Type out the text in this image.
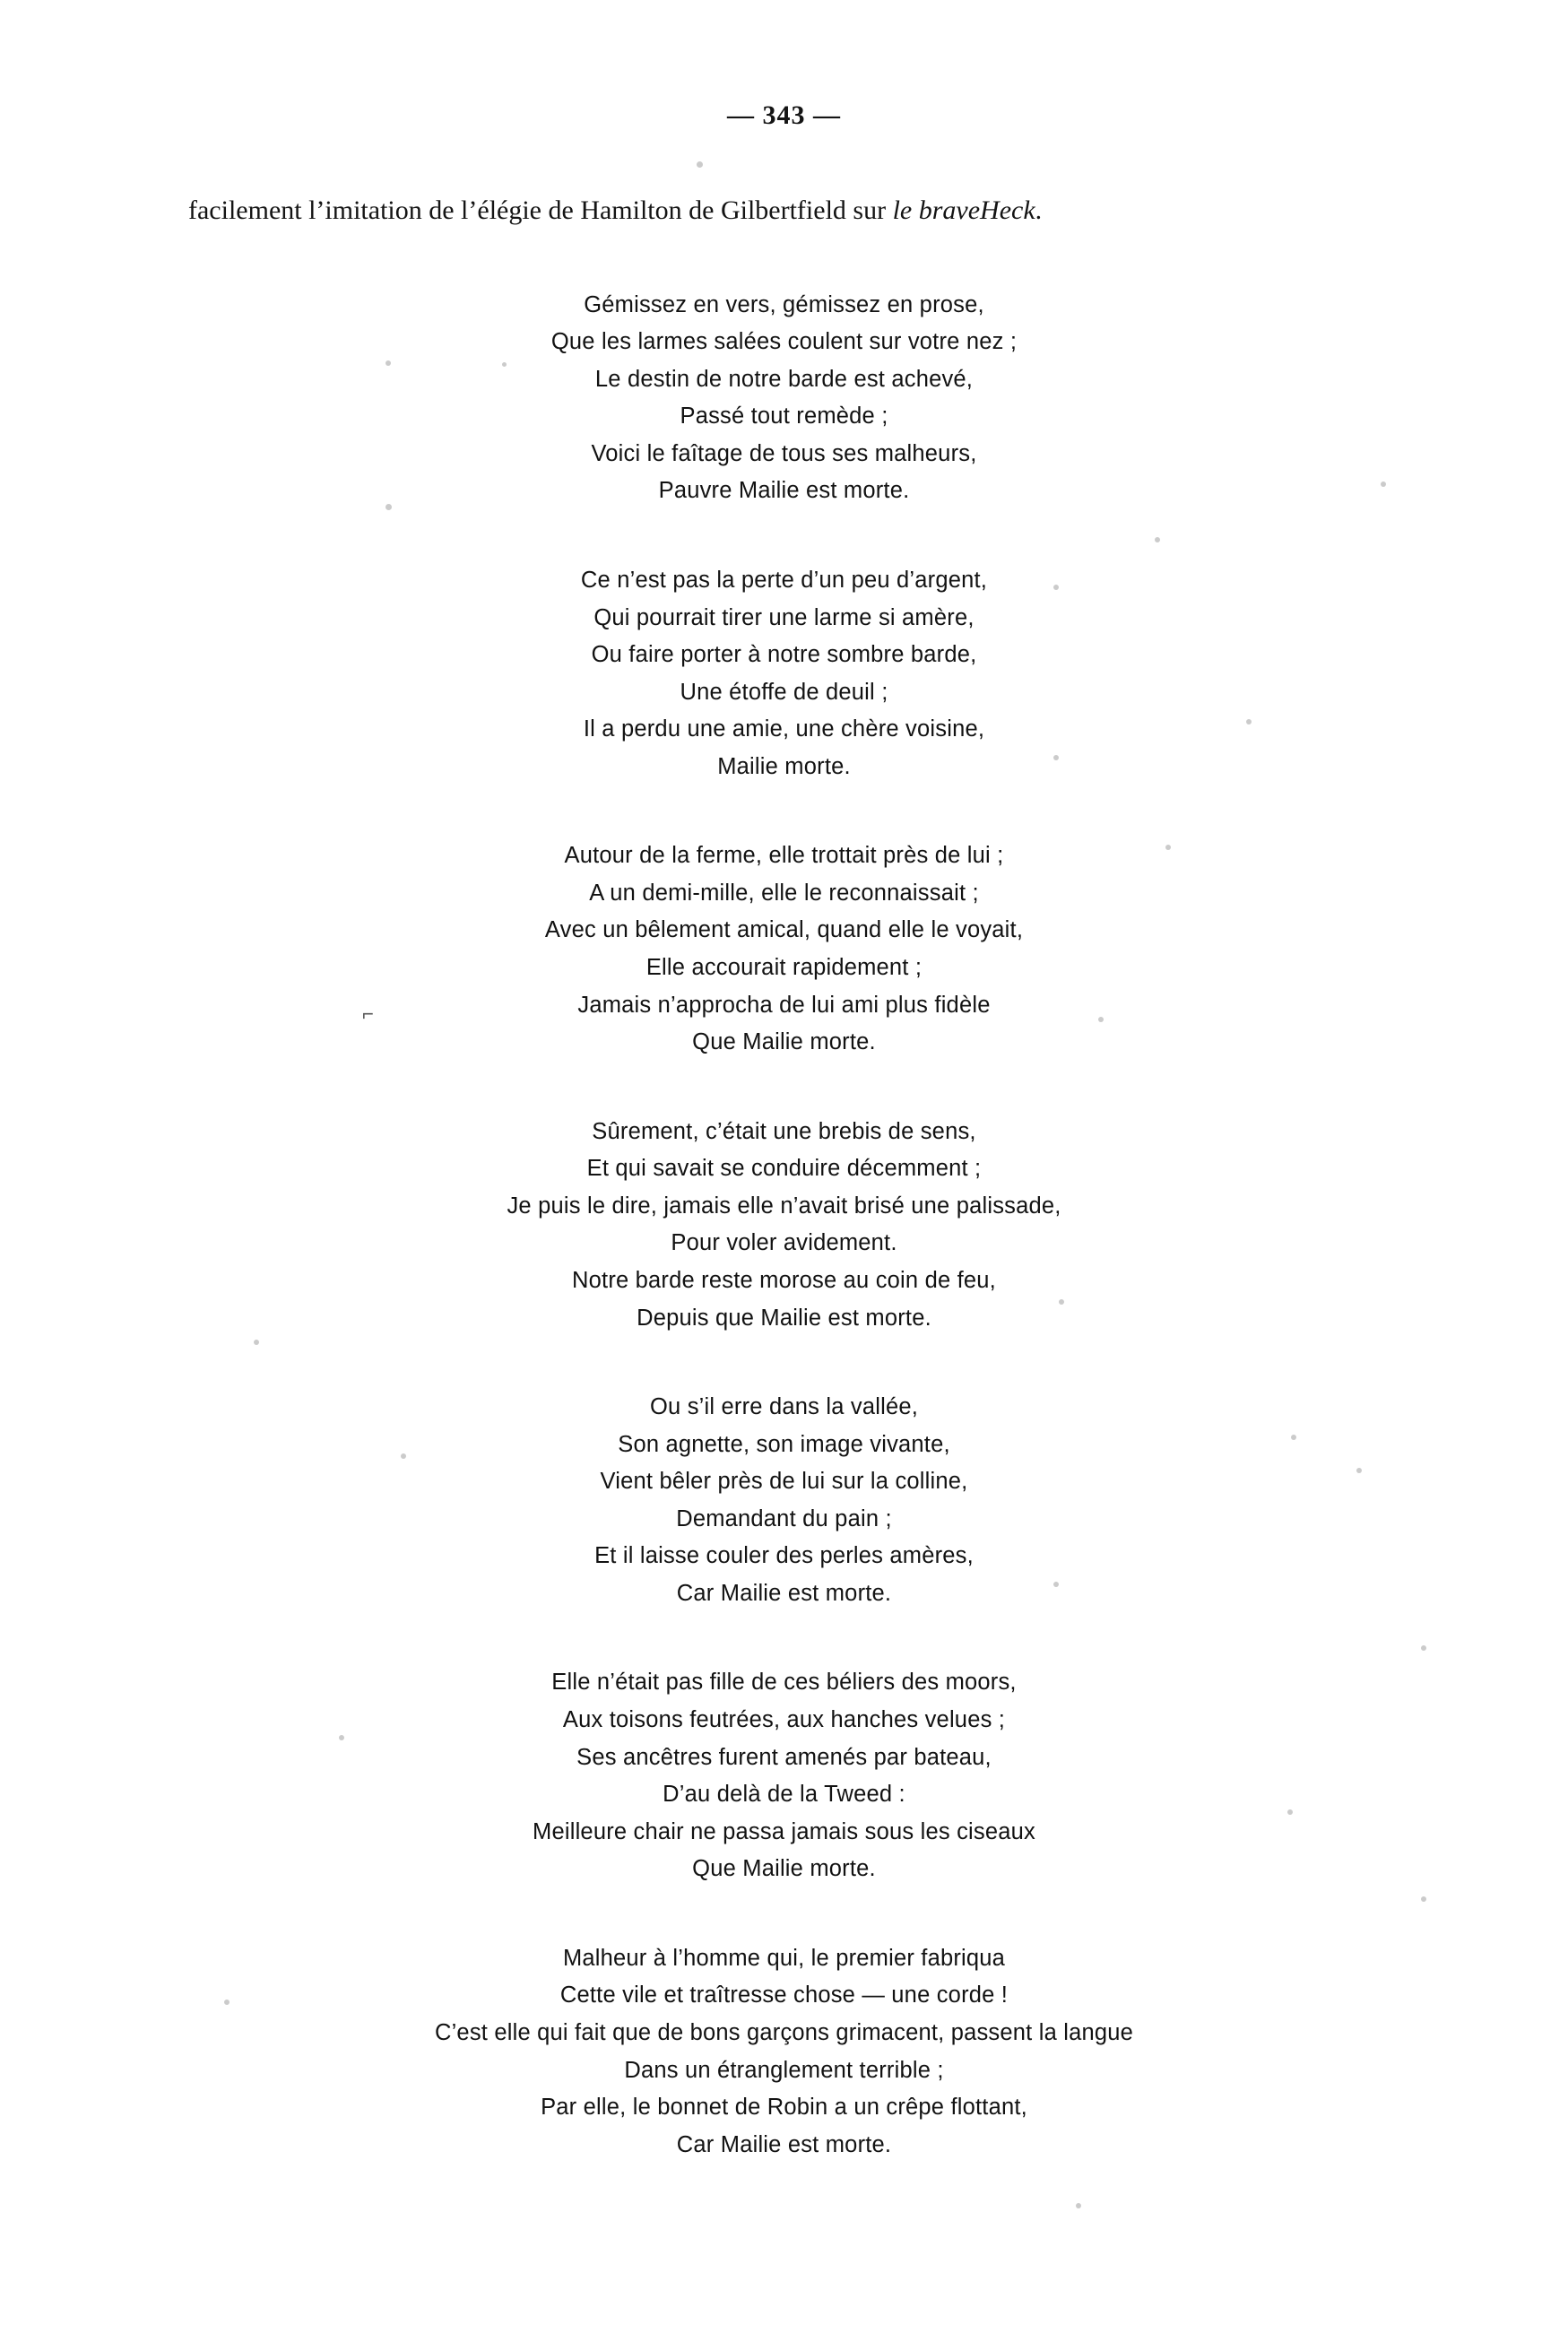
— 343 —

facilement l’imitation de l’élégie de Hamilton de Gilbertfield sur le braveHeck.

Gémissez en vers, gémissez en prose,
Que les larmes salées coulent sur votre nez ;
Le destin de notre barde est achevé,
Passé tout remède ;
Voici le faîtage de tous ses malheurs,
Pauvre Mailie est morte.
Ce n’est pas la perte d’un peu d’argent,
Qui pourrait tirer une larme si amère,
Ou faire porter à notre sombre barde,
Une étoffe de deuil ;
Il a perdu une amie, une chère voisine,
Mailie morte.
Autour de la ferme, elle trottait près de lui ;
A un demi-mille, elle le reconnaissait ;
Avec un bêlement amical, quand elle le voyait,
Elle accourait rapidement ;
Jamais n’approcha de lui ami plus fidèle
Que Mailie morte.
Sûrement, c’était une brebis de sens,
Et qui savait se conduire décemment ;
Je puis le dire, jamais elle n’avait brisé une palissade,
Pour voler avidement.
Notre barde reste morose au coin de feu,
Depuis que Mailie est morte.
Ou s’il erre dans la vallée,
Son agnette, son image vivante,
Vient bêler près de lui sur la colline,
Demandant du pain ;
Et il laisse couler des perles amères,
Car Mailie est morte.
Elle n’était pas fille de ces béliers des moors,
Aux toisons feutrées, aux hanches velues ;
Ses ancêtres furent amenés par bateau,
D’au delà de la Tweed :
Meilleure chair ne passa jamais sous les ciseaux
Que Mailie morte.
Malheur à l’homme qui, le premier fabriqua
Cette vile et traîtresse chose — une corde !
C’est elle qui fait que de bons garçons grimacent, passent la langue
Dans un étranglement terrible ;
Par elle, le bonnet de Robin a un crêpe flottant,
Car Mailie est morte.
⌐
